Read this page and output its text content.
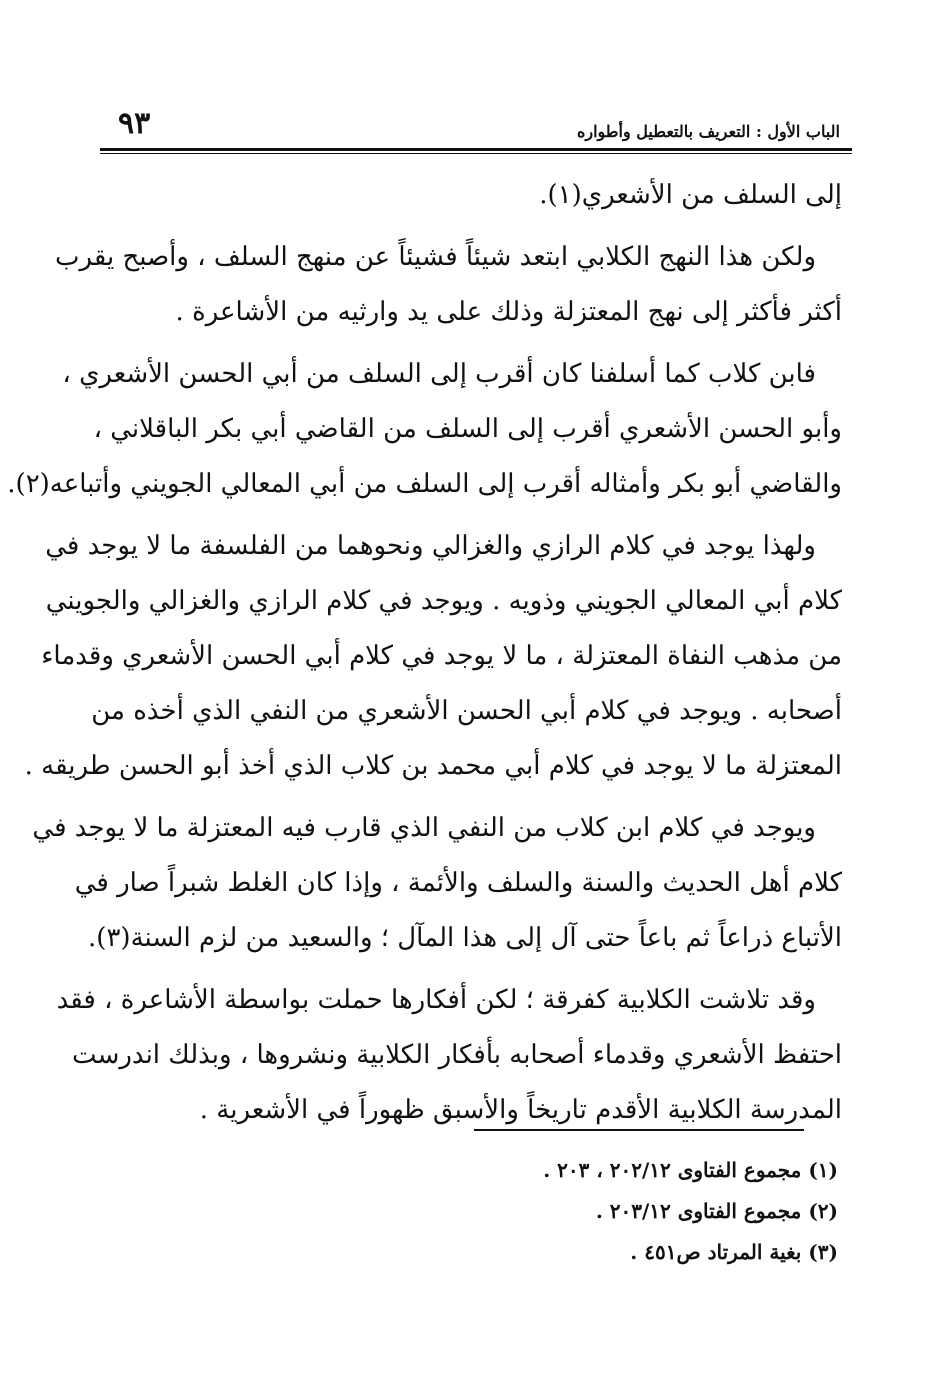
٩٣	الباب الأول : التعريف بالتعطيل وأطواره

إلى السلف من الأشعري(١).

ولكن هذا النهج الكلابي ابتعد شيئاً فشيئاً عن منهج السلف ، وأصبح يقرب
أكثر فأكثر إلى نهج المعتزلة وذلك على يد وارثيه من الأشاعرة .

فابن كلاب كما أسلفنا كان أقرب إلى السلف من أبي الحسن الأشعري ،
وأبو الحسن الأشعري أقرب إلى السلف من القاضي أبي بكر الباقلاني ،
والقاضي أبو بكر وأمثاله أقرب إلى السلف من أبي المعالي الجويني وأتباعه(٢).

ولهذا يوجد في كلام الرازي والغزالي ونحوهما من الفلسفة ما لا يوجد في
كلام أبي المعالي الجويني وذويه . ويوجد في كلام الرازي والغزالي والجويني
من مذهب النفاة المعتزلة ، ما لا يوجد في كلام أبي الحسن الأشعري وقدماء
أصحابه . ويوجد في كلام أبي الحسن الأشعري من النفي الذي أخذه من
المعتزلة ما لا يوجد في كلام أبي محمد بن كلاب الذي أخذ أبو الحسن طريقه .

ويوجد في كلام ابن كلاب من النفي الذي قارب فيه المعتزلة ما لا يوجد في
كلام أهل الحديث والسنة والسلف والأئمة ، وإذا كان الغلط شبراً صار في
الأتباع ذراعاً ثم باعاً حتى آل إلى هذا المآل ؛ والسعيد من لزم السنة(٣).

وقد تلاشت الكلابية كفرقة ؛ لكن أفكارها حملت بواسطة الأشاعرة ، فقد
احتفظ الأشعري وقدماء أصحابه بأفكار الكلابية ونشروها ، وبذلك اندرست
المدرسة الكلابية الأقدم تاريخاً والأسبق ظهوراً في الأشعرية .

(١) مجموع الفتاوى ٢٠٢/١٢ ، ٢٠٣ .
(٢) مجموع الفتاوى ٢٠٣/١٢ .
(٣) بغية المرتاد ص٤٥١ .
